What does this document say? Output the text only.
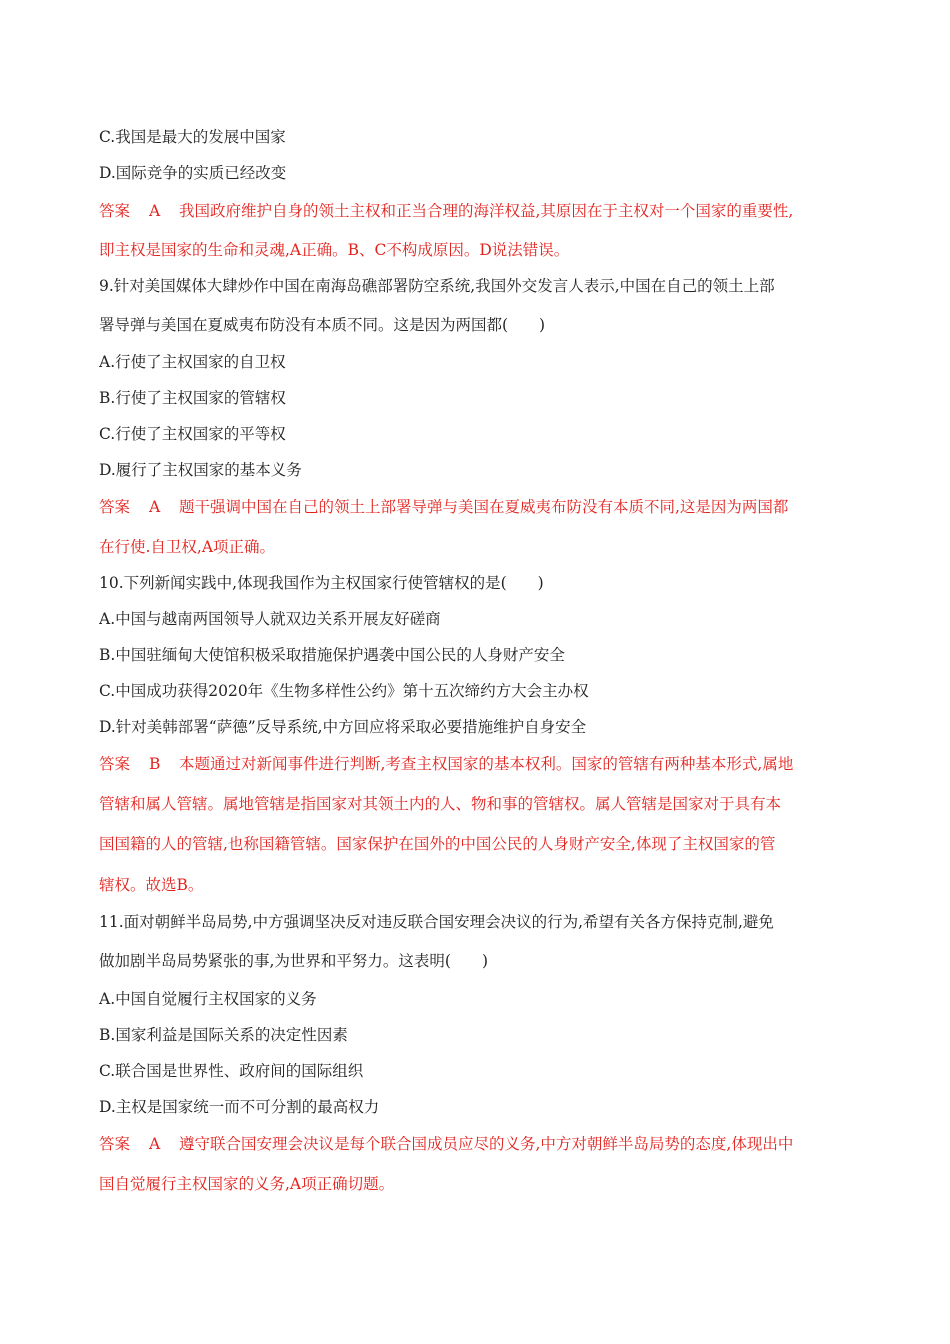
C.我国是最大的发展中国家
D.国际竞争的实质已经改变
答案 A 我国政府维护自身的领土主权和正当合理的海洋权益,其原因在于主权对一个国家的重要性,
即主权是国家的生命和灵魂,A正确。B、C不构成原因。D说法错误。
9.针对美国媒体大肆炒作中国在南海岛礁部署防空系统,我国外交发言人表示,中国在自己的领土上部
署导弹与美国在夏威夷布防没有本质不同。这是因为两国都(　　)
A.行使了主权国家的自卫权
B.行使了主权国家的管辖权
C.行使了主权国家的平等权
D.履行了主权国家的基本义务
答案 A 题干强调中国在自己的领土上部署导弹与美国在夏威夷布防没有本质不同,这是因为两国都
在行使.自卫权,A项正确。
10.下列新闻实践中,体现我国作为主权国家行使管辖权的是(　　)
A.中国与越南两国领导人就双边关系开展友好磋商
B.中国驻缅甸大使馆积极采取措施保护遇袭中国公民的人身财产安全
C.中国成功获得2020年《生物多样性公约》第十五次缔约方大会主办权
D.针对美韩部署“萨德”反导系统,中方回应将采取必要措施维护自身安全
答案 B 本题通过对新闻事件进行判断,考查主权国家的基本权利。国家的管辖有两种基本形式,属地
管辖和属人管辖。属地管辖是指国家对其领土内的人、物和事的管辖权。属人管辖是国家对于具有本
国国籍的人的管辖,也称国籍管辖。国家保护在国外的中国公民的人身财产安全,体现了主权国家的管
辖权。故选B。
11.面对朝鲜半岛局势,中方强调坚决反对违反联合国安理会决议的行为,希望有关各方保持克制,避免
做加剧半岛局势紧张的事,为世界和平努力。这表明(　　)
A.中国自觉履行主权国家的义务
B.国家利益是国际关系的决定性因素
C.联合国是世界性、政府间的国际组织
D.主权是国家统一而不可分割的最高权力
答案 A 遵守联合国安理会决议是每个联合国成员应尽的义务,中方对朝鲜半岛局势的态度,体现出中
国自觉履行主权国家的义务,A项正确切题。
